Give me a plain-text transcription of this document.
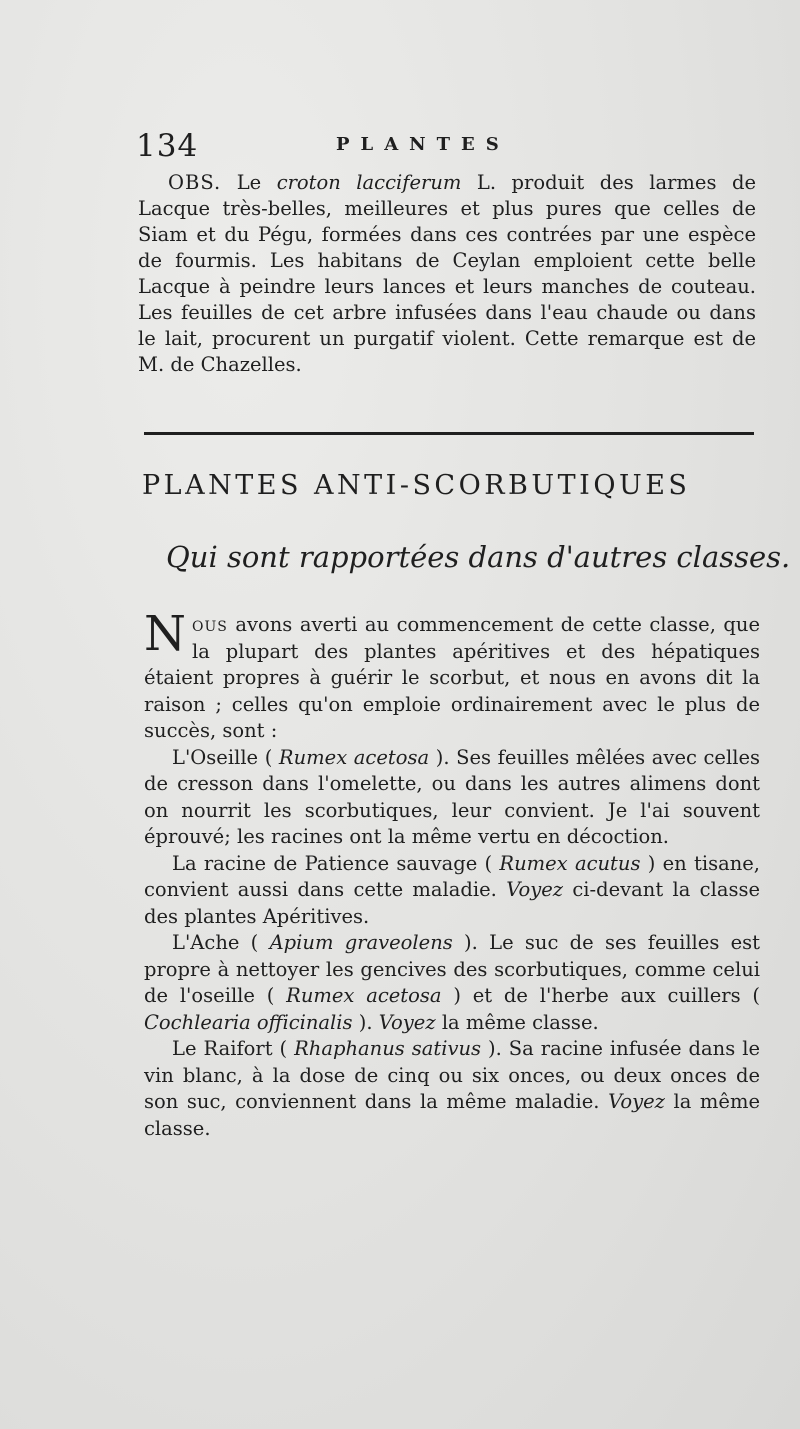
134	PLANTES

OBS. Le croton lacciferum L. produit des larmes de Lacque très-belles, meilleures et plus pures que celles de Siam et du Pégu, formées dans ces contrées par une espèce de fourmis. Les habitans de Ceylan emploient cette belle Lacque à peindre leurs lances et leurs manches de couteau. Les feuilles de cet arbre infusées dans l'eau chaude ou dans le lait, procurent un purgatif violent. Cette remarque est de M. de Chazelles.

PLANTES ANTI-SCORBUTIQUES
Qui sont rapportées dans d'autres classes.

Nous avons averti au commencement de cette classe, que la plupart des plantes apéritives et des hépatiques étaient propres à guérir le scorbut, et nous en avons dit la raison ; celles qu'on emploie ordinairement avec le plus de succès, sont :

L'Oseille ( Rumex acetosa ). Ses feuilles mêlées avec celles de cresson dans l'omelette, ou dans les autres alimens dont on nourrit les scorbutiques, leur convient. Je l'ai souvent éprouvé; les racines ont la même vertu en décoction.

La racine de Patience sauvage ( Rumex acutus ) en tisane, convient aussi dans cette maladie. Voyez ci-devant la classe des plantes Apéritives.

L'Ache ( Apium graveolens ). Le suc de ses feuilles est propre à nettoyer les gencives des scorbutiques, comme celui de l'oseille ( Rumex acetosa ) et de l'herbe aux cuillers ( Cochlearia officinalis ). Voyez la même classe.

Le Raifort ( Rhaphanus sativus ). Sa racine infusée dans le vin blanc, à la dose de cinq ou six onces, ou deux onces de son suc, conviennent dans la même maladie. Voyez la même classe.
